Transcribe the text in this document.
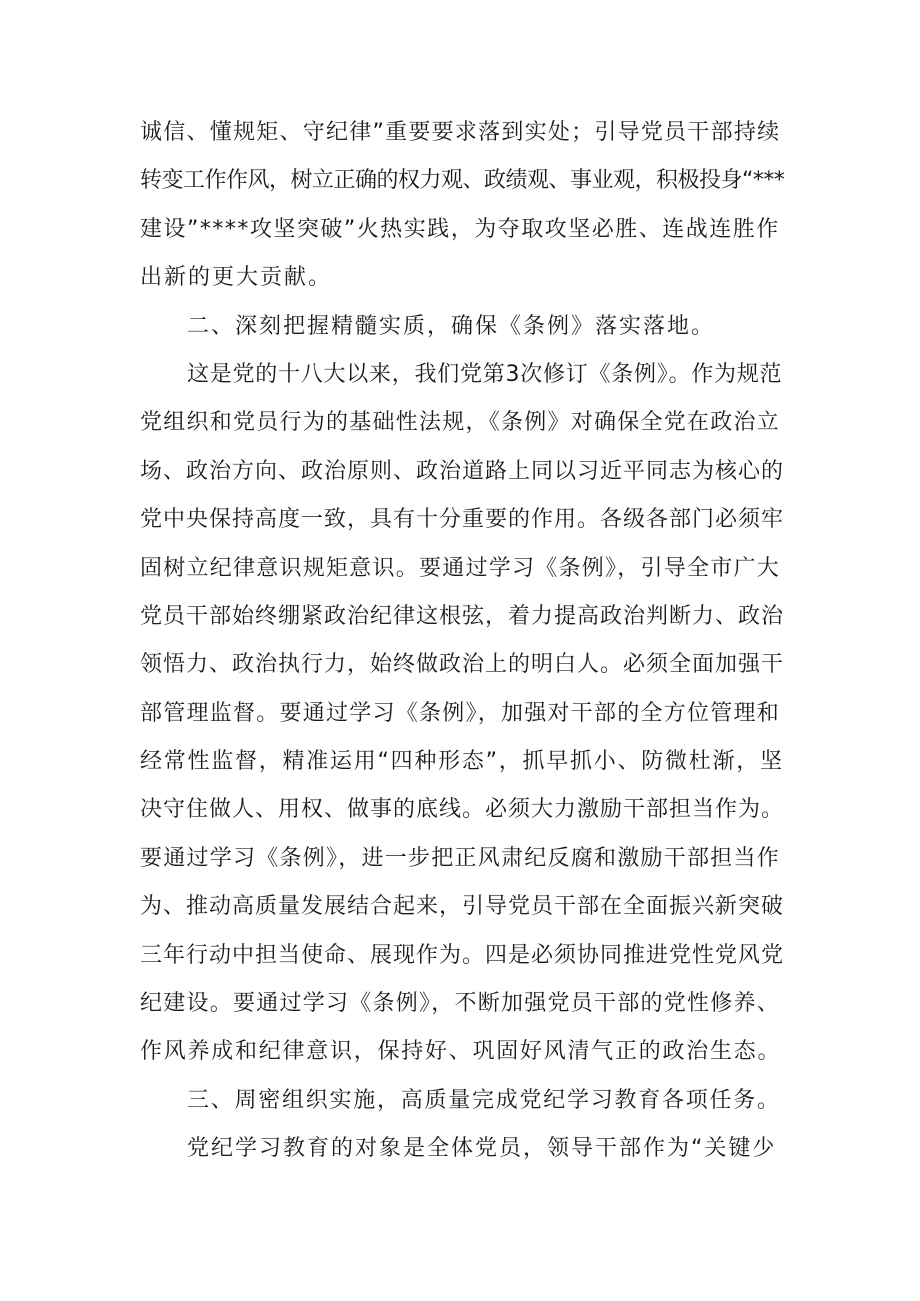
诚信、懂规矩、守纪律”重要要求落到实处；引导党员干部持续
转变工作作风，树立正确的权力观、政绩观、事业观，积极投身“***
建设”****攻坚突破”火热实践，为夺取攻坚必胜、连战连胜作
出新的更大贡献。
二、深刻把握精髓实质，确保《条例》落实落地。
这是党的十八大以来，我们党第3次修订《条例》。作为规范
党组织和党员行为的基础性法规，《条例》对确保全党在政治立
场、政治方向、政治原则、政治道路上同以习近平同志为核心的
党中央保持高度一致，具有十分重要的作用。各级各部门必须牢
固树立纪律意识规矩意识。要通过学习《条例》，引导全市广大
党员干部始终绷紧政治纪律这根弦，着力提高政治判断力、政治
领悟力、政治执行力，始终做政治上的明白人。必须全面加强干
部管理监督。要通过学习《条例》，加强对干部的全方位管理和
经常性监督，精准运用“四种形态”，抓早抓小、防微杜渐，坚
决守住做人、用权、做事的底线。必须大力激励干部担当作为。
要通过学习《条例》，进一步把正风肃纪反腐和激励干部担当作
为、推动高质量发展结合起来，引导党员干部在全面振兴新突破
三年行动中担当使命、展现作为。四是必须协同推进党性党风党
纪建设。要通过学习《条例》，不断加强党员干部的党性修养、
作风养成和纪律意识，保持好、巩固好风清气正的政治生态。
三、周密组织实施，高质量完成党纪学习教育各项任务。
党纪学习教育的对象是全体党员，领导干部作为“关键少
